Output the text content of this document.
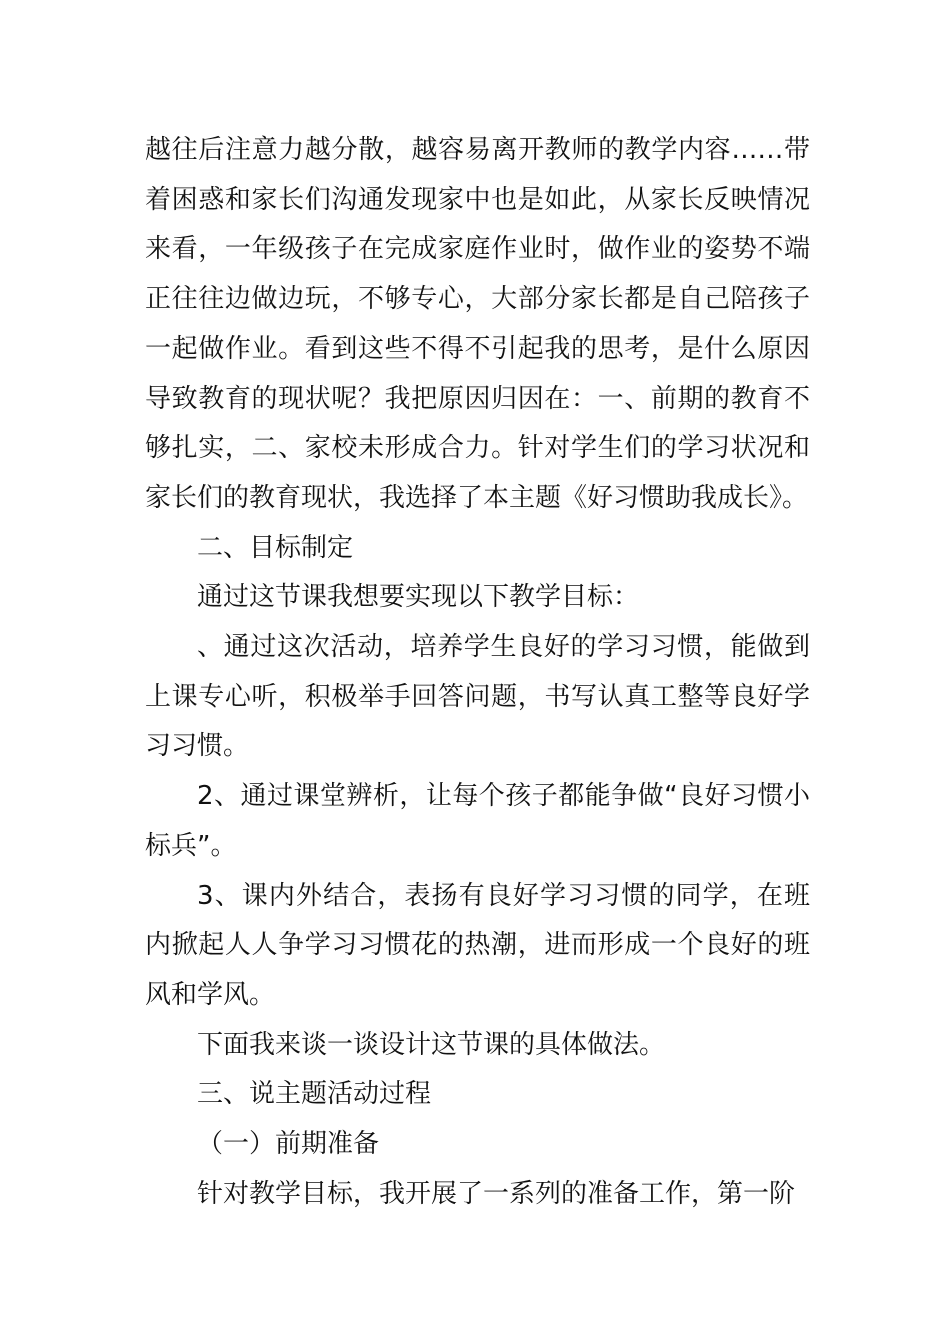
越往后注意力越分散，越容易离开教师的教学内容……带着困惑和家长们沟通发现家中也是如此，从家长反映情况来看，一年级孩子在完成家庭作业时，做作业的姿势不端正往往边做边玩，不够专心，大部分家长都是自己陪孩子一起做作业。看到这些不得不引起我的思考，是什么原因导致教育的现状呢？我把原因归因在：一、前期的教育不够扎实，二、家校未形成合力。针对学生们的学习状况和家长们的教育现状，我选择了本主题《好习惯助我成长》。

二、目标制定

通过这节课我想要实现以下教学目标：

、通过这次活动，培养学生良好的学习习惯，能做到上课专心听，积极举手回答问题，书写认真工整等良好学习习惯。

2、通过课堂辨析，让每个孩子都能争做“良好习惯小标兵”。

3、课内外结合，表扬有良好学习习惯的同学，在班内掀起人人争学习习惯花的热潮，进而形成一个良好的班风和学风。

下面我来谈一谈设计这节课的具体做法。

三、说主题活动过程

（一）前期准备

针对教学目标，我开展了一系列的准备工作，第一阶
